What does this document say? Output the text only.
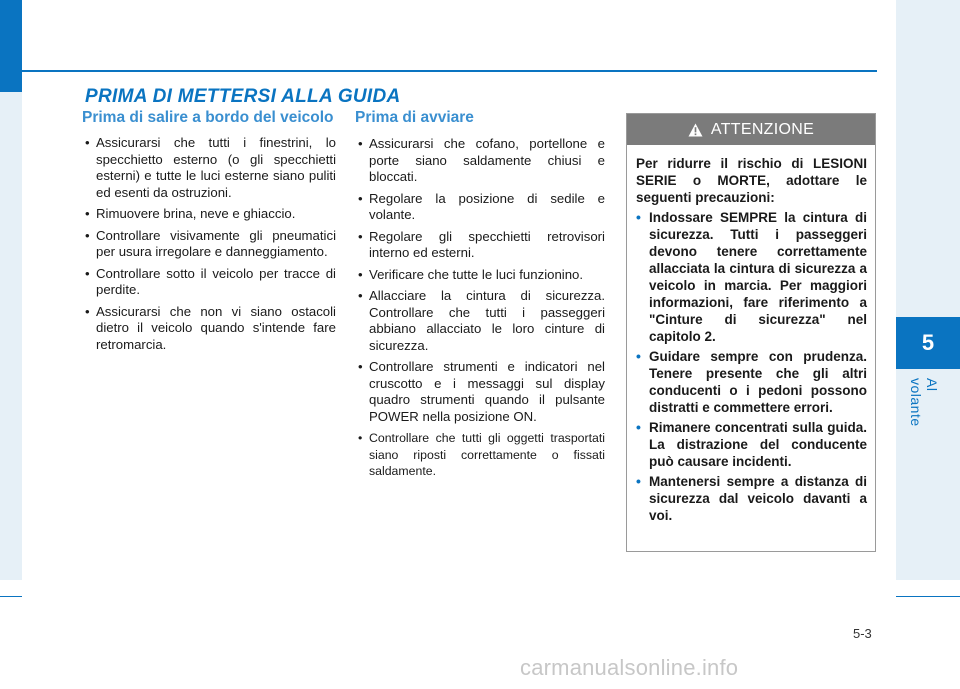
5
Al volante
PRIMA DI METTERSI ALLA GUIDA
Prima di salire a bordo del veicolo
• Assicurarsi che tutti i finestrini, lo specchietto esterno (o gli specchietti esterni) e tutte le luci esterne siano puliti ed esenti da ostruzioni.
• Rimuovere brina, neve e ghiaccio.
• Controllare visivamente gli pneumatici per usura irregolare e danneggiamento.
• Controllare sotto il veicolo per tracce di perdite.
• Assicurarsi che non vi siano ostacoli dietro il veicolo quando s'intende fare retromarcia.
Prima di avviare
• Assicurarsi che cofano, portellone e porte siano saldamente chiusi e bloccati.
• Regolare la posizione di sedile e volante.
• Regolare gli specchietti retrovisori interno ed esterni.
• Verificare che tutte le luci funzionino.
• Allacciare la cintura di sicurezza. Controllare che tutti i passeggeri abbiano allacciato le loro cinture di sicurezza.
• Controllare strumenti e indicatori nel cruscotto e i messaggi sul display quadro strumenti quando il pulsante POWER nella posizione ON.
• Controllare che tutti gli oggetti trasportati siano riposti correttamente o fissati saldamente.
ATTENZIONE

Per ridurre il rischio di LESIONI SERIE o MORTE, adottare le seguenti precauzioni:

• Indossare SEMPRE la cintura di sicurezza. Tutti i passeggeri devono tenere correttamente allacciata la cintura di sicurezza a veicolo in marcia. Per maggiori informazioni, fare riferimento a "Cinture di sicurezza" nel capitolo 2.
• Guidare sempre con prudenza. Tenere presente che gli altri conducenti o i pedoni possono distratti e commettere errori.
• Rimanere concentrati sulla guida. La distrazione del conducente può causare incidenti.
• Mantenersi sempre a distanza di sicurezza dal veicolo davanti a voi.
5-3
carmanualsonline.info
